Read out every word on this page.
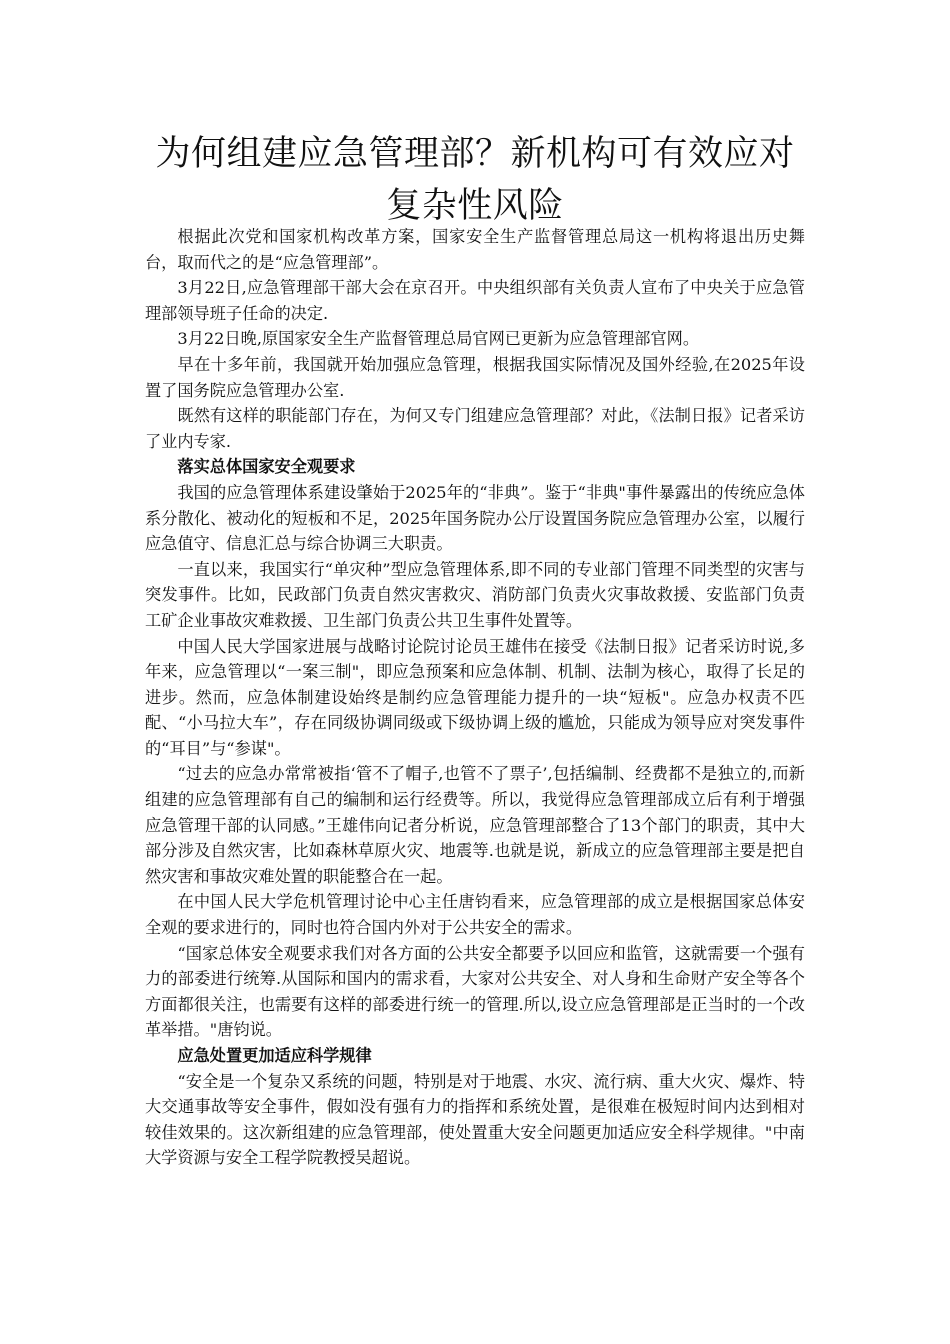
为何组建应急管理部？新机构可有效应对复杂性风险

根据此次党和国家机构改革方案，国家安全生产监督管理总局这一机构将退出历史舞台，取而代之的是“应急管理部”。

3月22日,应急管理部干部大会在京召开。中央组织部有关负责人宣布了中央关于应急管理部领导班子任命的决定.

3月22日晚,原国家安全生产监督管理总局官网已更新为应急管理部官网。

早在十多年前，我国就开始加强应急管理，根据我国实际情况及国外经验,在2025年设置了国务院应急管理办公室.

既然有这样的职能部门存在，为何又专门组建应急管理部？对此，《法制日报》记者采访了业内专家.

落实总体国家安全观要求

我国的应急管理体系建设肇始于2025年的“非典”。鉴于“非典"事件暴露出的传统应急体系分散化、被动化的短板和不足，2025年国务院办公厅设置国务院应急管理办公室，以履行应急值守、信息汇总与综合协调三大职责。

一直以来，我国实行“单灾种”型应急管理体系,即不同的专业部门管理不同类型的灾害与突发事件。比如，民政部门负责自然灾害救灾、消防部门负责火灾事故救援、安监部门负责工矿企业事故灾难救援、卫生部门负责公共卫生事件处置等。

中国人民大学国家进展与战略讨论院讨论员王雄伟在接受《法制日报》记者采访时说,多年来，应急管理以“一案三制"，即应急预案和应急体制、机制、法制为核心，取得了长足的进步。然而，应急体制建设始终是制约应急管理能力提升的一块“短板"。应急办权责不匹配、“小马拉大车”，存在同级协调同级或下级协调上级的尴尬，只能成为领导应对突发事件的“耳目”与“参谋"。

“过去的应急办常常被指‘管不了帽子,也管不了票子’,包括编制、经费都不是独立的,而新组建的应急管理部有自己的编制和运行经费等。所以，我觉得应急管理部成立后有利于增强应急管理干部的认同感。”王雄伟向记者分析说，应急管理部整合了13个部门的职责，其中大部分涉及自然灾害，比如森林草原火灾、地震等.也就是说，新成立的应急管理部主要是把自然灾害和事故灾难处置的职能整合在一起。

在中国人民大学危机管理讨论中心主任唐钧看来，应急管理部的成立是根据国家总体安全观的要求进行的，同时也符合国内外对于公共安全的需求。

“国家总体安全观要求我们对各方面的公共安全都要予以回应和监管，这就需要一个强有力的部委进行统筹.从国际和国内的需求看，大家对公共安全、对人身和生命财产安全等各个方面都很关注，也需要有这样的部委进行统一的管理.所以,设立应急管理部是正当时的一个改革举措。"唐钧说。

应急处置更加适应科学规律

“安全是一个复杂又系统的问题，特别是对于地震、水灾、流行病、重大火灾、爆炸、特大交通事故等安全事件，假如没有强有力的指挥和系统处置，是很难在极短时间内达到相对较佳效果的。这次新组建的应急管理部，使处置重大安全问题更加适应安全科学规律。"中南大学资源与安全工程学院教授吴超说。
